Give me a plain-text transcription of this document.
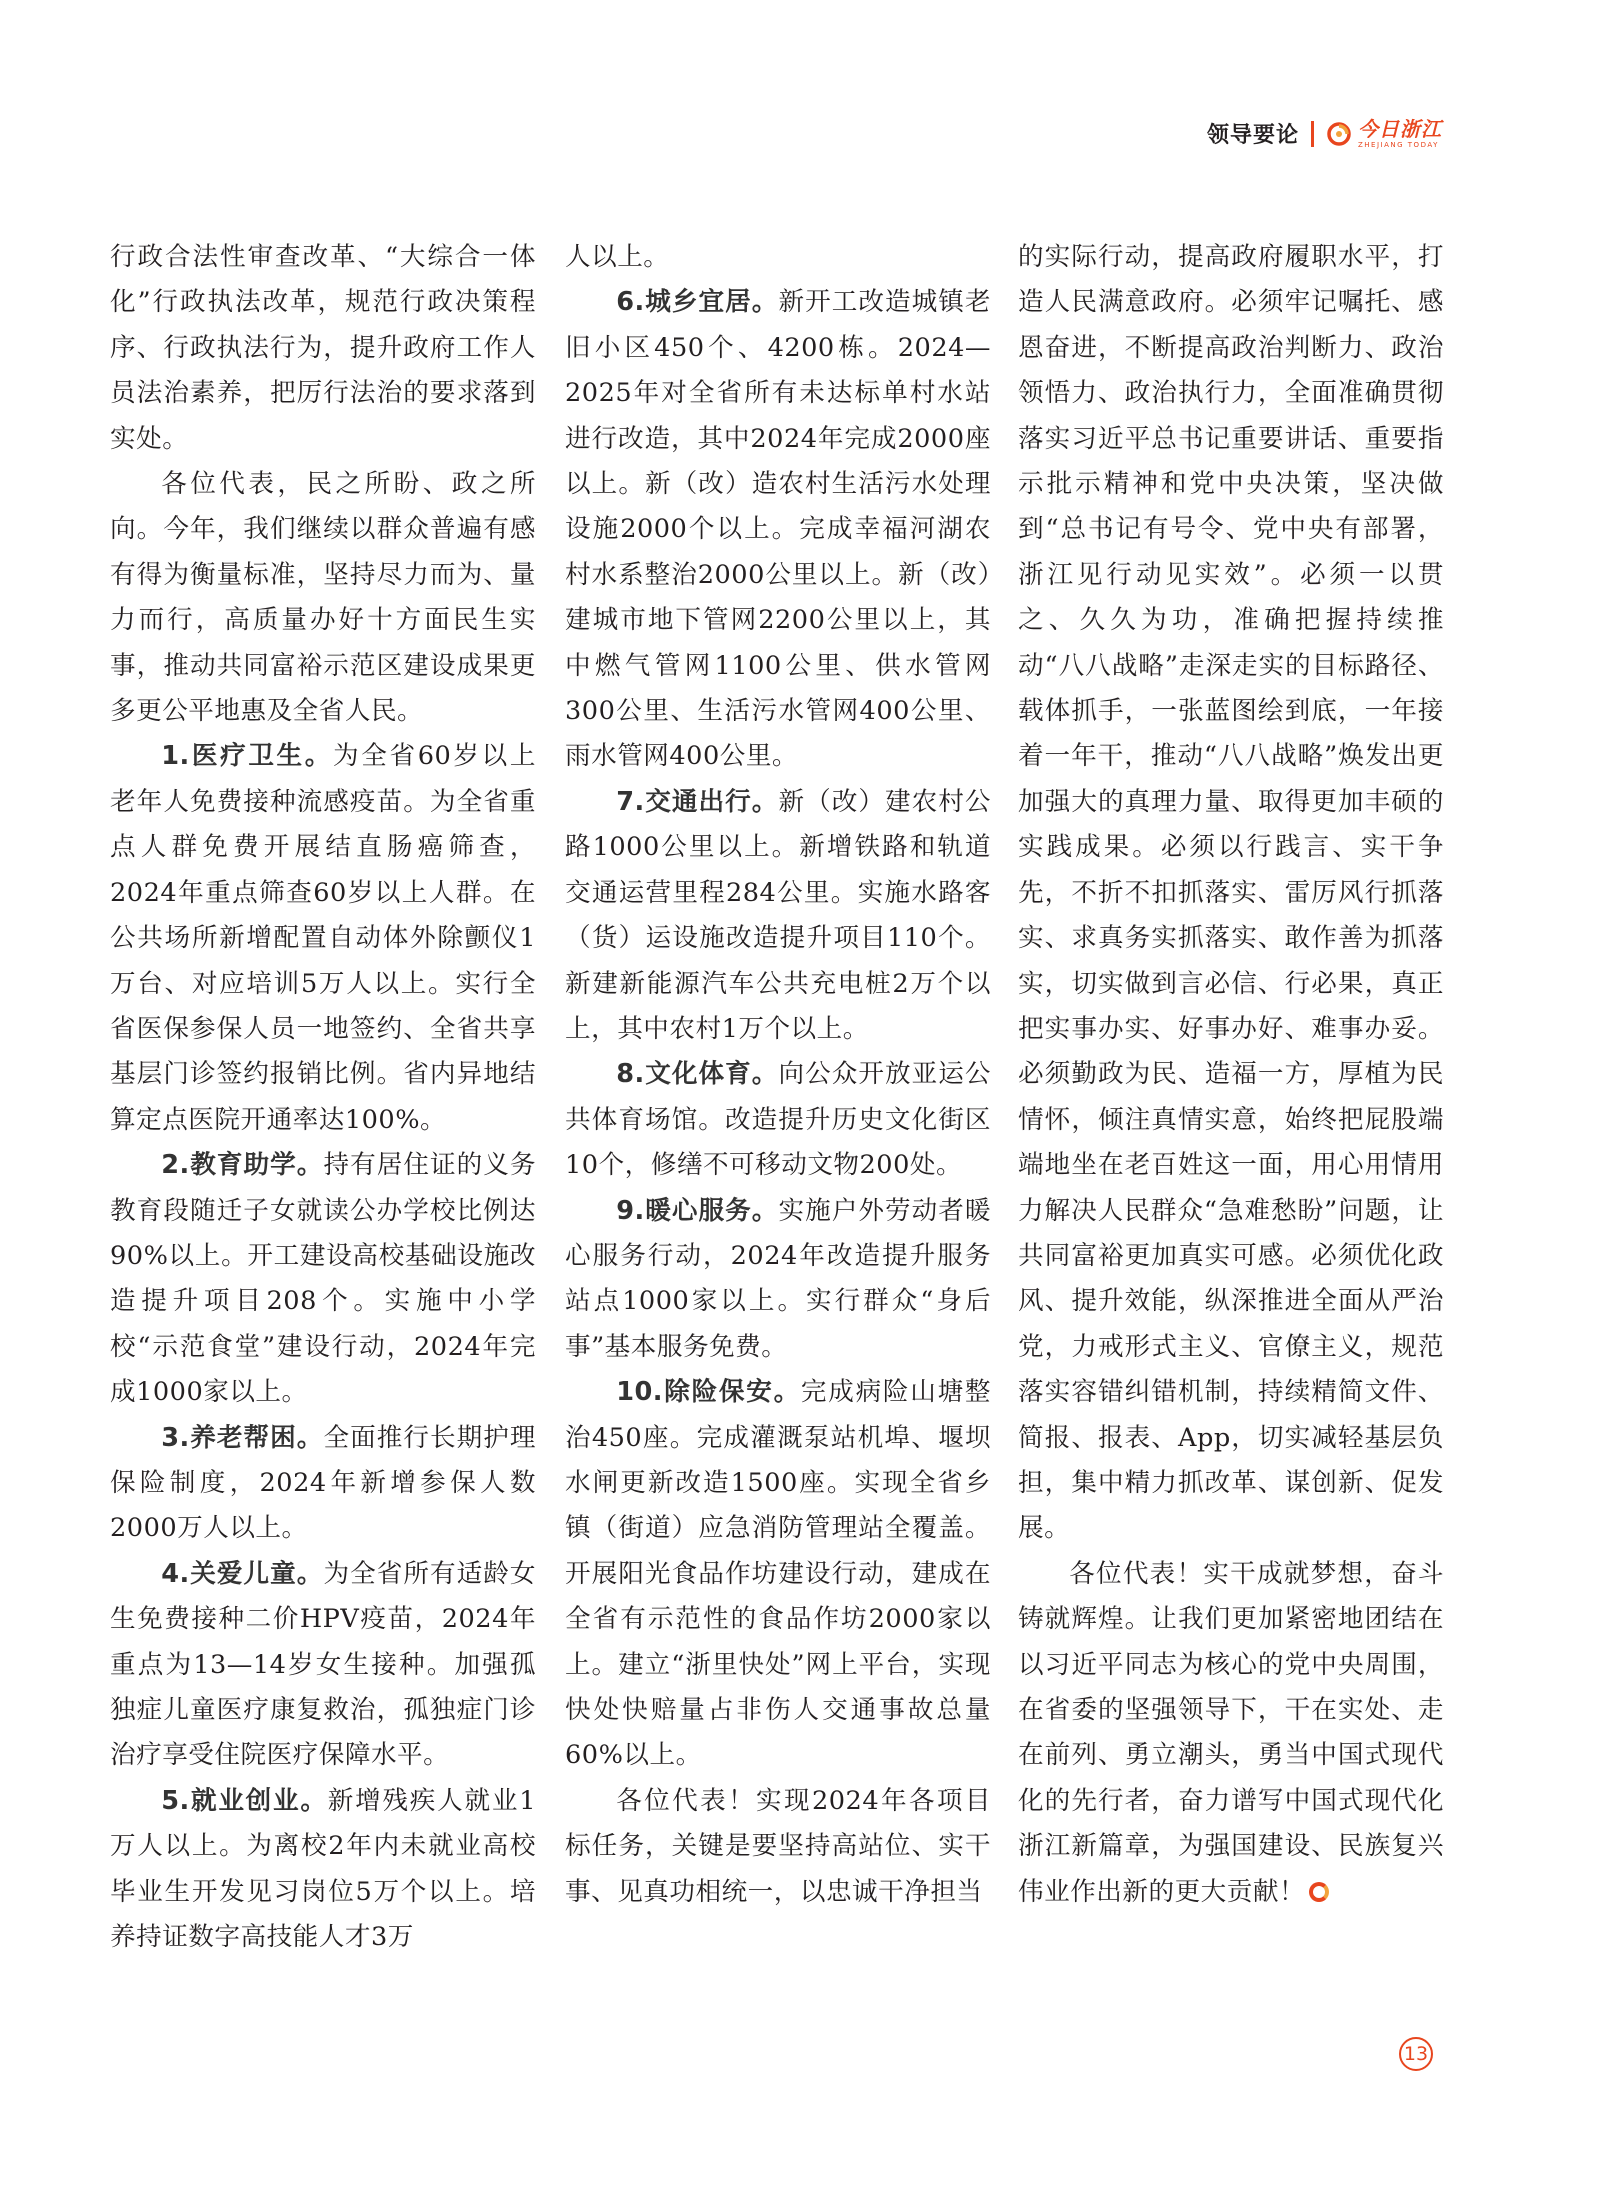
领导要论	今日浙江
ZHEJIANG TODAY

行政合法性审查改革、“大综合一体化”行政执法改革，规范行政决策程序、行政执法行为，提升政府工作人员法治素养，把厉行法治的要求落到实处。

各位代表，民之所盼、政之所向。今年，我们继续以群众普遍有感有得为衡量标准，坚持尽力而为、量力而行，高质量办好十方面民生实事，推动共同富裕示范区建设成果更多更公平地惠及全省人民。

1.医疗卫生。为全省60岁以上老年人免费接种流感疫苗。为全省重点人群免费开展结直肠癌筛查，2024年重点筛查60岁以上人群。在公共场所新增配置自动体外除颤仪1万台、对应培训5万人以上。实行全省医保参保人员一地签约、全省共享基层门诊签约报销比例。省内异地结算定点医院开通率达100%。

2.教育助学。持有居住证的义务教育段随迁子女就读公办学校比例达90%以上。开工建设高校基础设施改造提升项目208个。实施中小学校“示范食堂”建设行动，2024年完成1000家以上。

3.养老帮困。全面推行长期护理保险制度，2024年新增参保人数2000万人以上。

4.关爱儿童。为全省所有适龄女生免费接种二价HPV疫苗，2024年重点为13—14岁女生接种。加强孤独症儿童医疗康复救治，孤独症门诊治疗享受住院医疗保障水平。

5.就业创业。新增残疾人就业1万人以上。为离校2年内未就业高校毕业生开发见习岗位5万个以上。培养持证数字高技能人才3万

人以上。

6.城乡宜居。新开工改造城镇老旧小区450个、4200栋。2024—2025年对全省所有未达标单村水站进行改造，其中2024年完成2000座以上。新（改）造农村生活污水处理设施2000个以上。完成幸福河湖农村水系整治2000公里以上。新（改）建城市地下管网2200公里以上，其中燃气管网1100公里、供水管网300公里、生活污水管网400公里、雨水管网400公里。

7.交通出行。新（改）建农村公路1000公里以上。新增铁路和轨道交通运营里程284公里。实施水路客（货）运设施改造提升项目110个。新建新能源汽车公共充电桩2万个以上，其中农村1万个以上。

8.文化体育。向公众开放亚运公共体育场馆。改造提升历史文化街区10个，修缮不可移动文物200处。

9.暖心服务。实施户外劳动者暖心服务行动，2024年改造提升服务站点1000家以上。实行群众“身后事”基本服务免费。

10.除险保安。完成病险山塘整治450座。完成灌溉泵站机埠、堰坝水闸更新改造1500座。实现全省乡镇（街道）应急消防管理站全覆盖。开展阳光食品作坊建设行动，建成在全省有示范性的食品作坊2000家以上。建立“浙里快处”网上平台，实现快处快赔量占非伤人交通事故总量60%以上。

各位代表！实现2024年各项目标任务，关键是要坚持高站位、实干事、见真功相统一，以忠诚干净担当

的实际行动，提高政府履职水平，打造人民满意政府。必须牢记嘱托、感恩奋进，不断提高政治判断力、政治领悟力、政治执行力，全面准确贯彻落实习近平总书记重要讲话、重要指示批示精神和党中央决策，坚决做到“总书记有号令、党中央有部署，浙江见行动见实效”。必须一以贯之、久久为功，准确把握持续推动“八八战略”走深走实的目标路径、载体抓手，一张蓝图绘到底，一年接着一年干，推动“八八战略”焕发出更加强大的真理力量、取得更加丰硕的实践成果。必须以行践言、实干争先，不折不扣抓落实、雷厉风行抓落实、求真务实抓落实、敢作善为抓落实，切实做到言必信、行必果，真正把实事办实、好事办好、难事办妥。必须勤政为民、造福一方，厚植为民情怀，倾注真情实意，始终把屁股端端地坐在老百姓这一面，用心用情用力解决人民群众“急难愁盼”问题，让共同富裕更加真实可感。必须优化政风、提升效能，纵深推进全面从严治党，力戒形式主义、官僚主义，规范落实容错纠错机制，持续精简文件、简报、报表、App，切实减轻基层负担，集中精力抓改革、谋创新、促发展。

各位代表！实干成就梦想，奋斗铸就辉煌。让我们更加紧密地团结在以习近平同志为核心的党中央周围，在省委的坚强领导下，干在实处、走在前列、勇立潮头，勇当中国式现代化的先行者，奋力谱写中国式现代化浙江新篇章，为强国建设、民族复兴伟业作出新的更大贡献！

13
